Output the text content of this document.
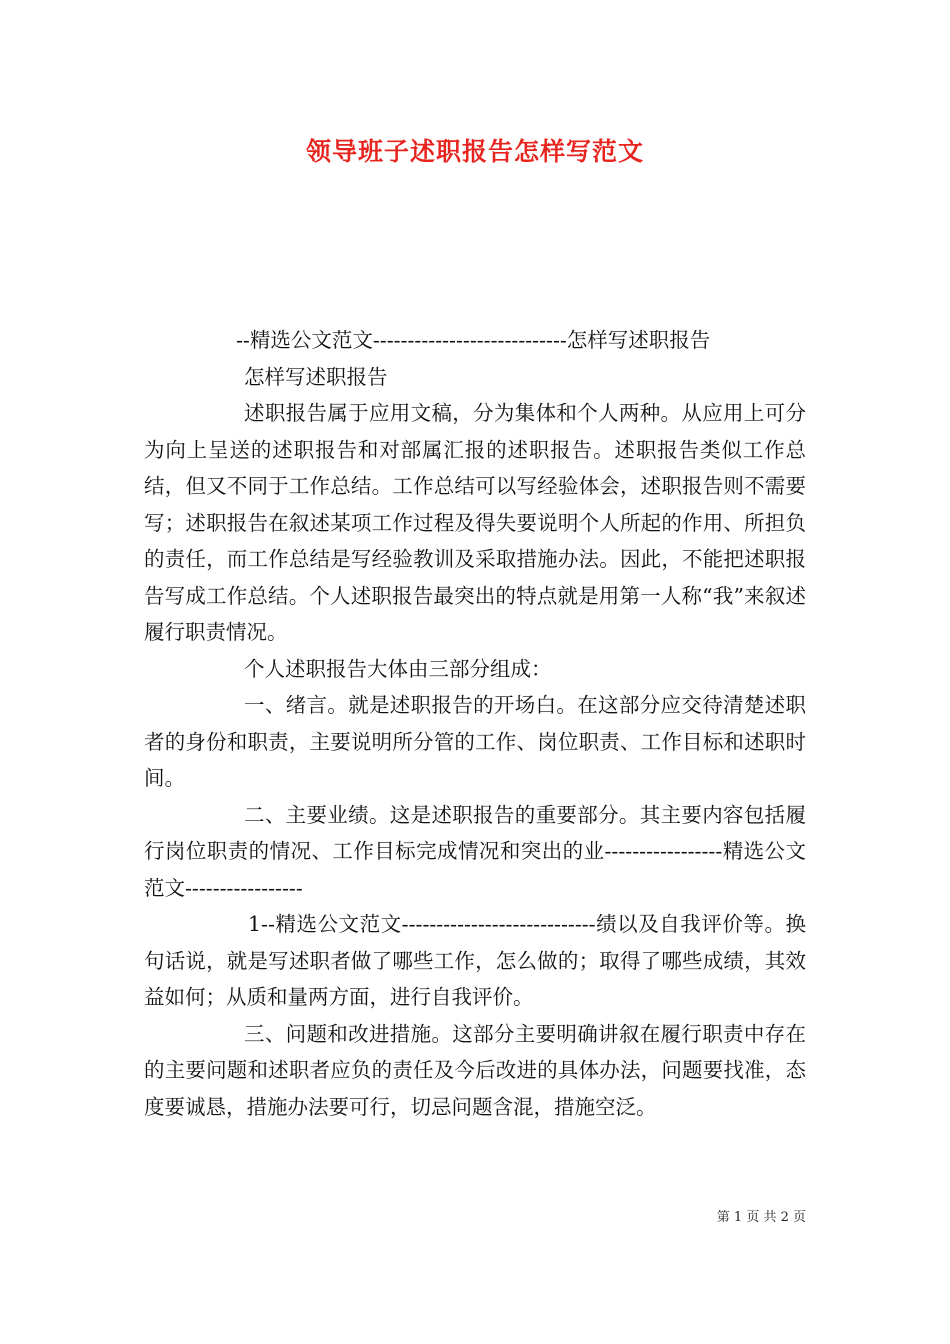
领导班子述职报告怎样写范文

--精选公文范文----------------------------怎样写述职报告

怎样写述职报告

述职报告属于应用文稿，分为集体和个人两种。从应用上可分为向上呈送的述职报告和对部属汇报的述职报告。述职报告类似工作总结，但又不同于工作总结。工作总结可以写经验体会，述职报告则不需要写；述职报告在叙述某项工作过程及得失要说明个人所起的作用、所担负的责任，而工作总结是写经验教训及采取措施办法。因此，不能把述职报告写成工作总结。个人述职报告最突出的特点就是用第一人称“我”来叙述履行职责情况。

个人述职报告大体由三部分组成：

一、绪言。就是述职报告的开场白。在这部分应交待清楚述职者的身份和职责，主要说明所分管的工作、岗位职责、工作目标和述职时间。

二、主要业绩。这是述职报告的重要部分。其主要内容包括履行岗位职责的情况、工作目标完成情况和突出的业-----------------精选公文范文-----------------

1--精选公文范文----------------------------绩以及自我评价等。换句话说，就是写述职者做了哪些工作，怎么做的；取得了哪些成绩，其效益如何；从质和量两方面，进行自我评价。

三、问题和改进措施。这部分主要明确讲叙在履行职责中存在的主要问题和述职者应负的责任及今后改进的具体办法，问题要找准，态度要诚恳，措施办法要可行，切忌问题含混，措施空泛。

第 1 页 共 2 页
